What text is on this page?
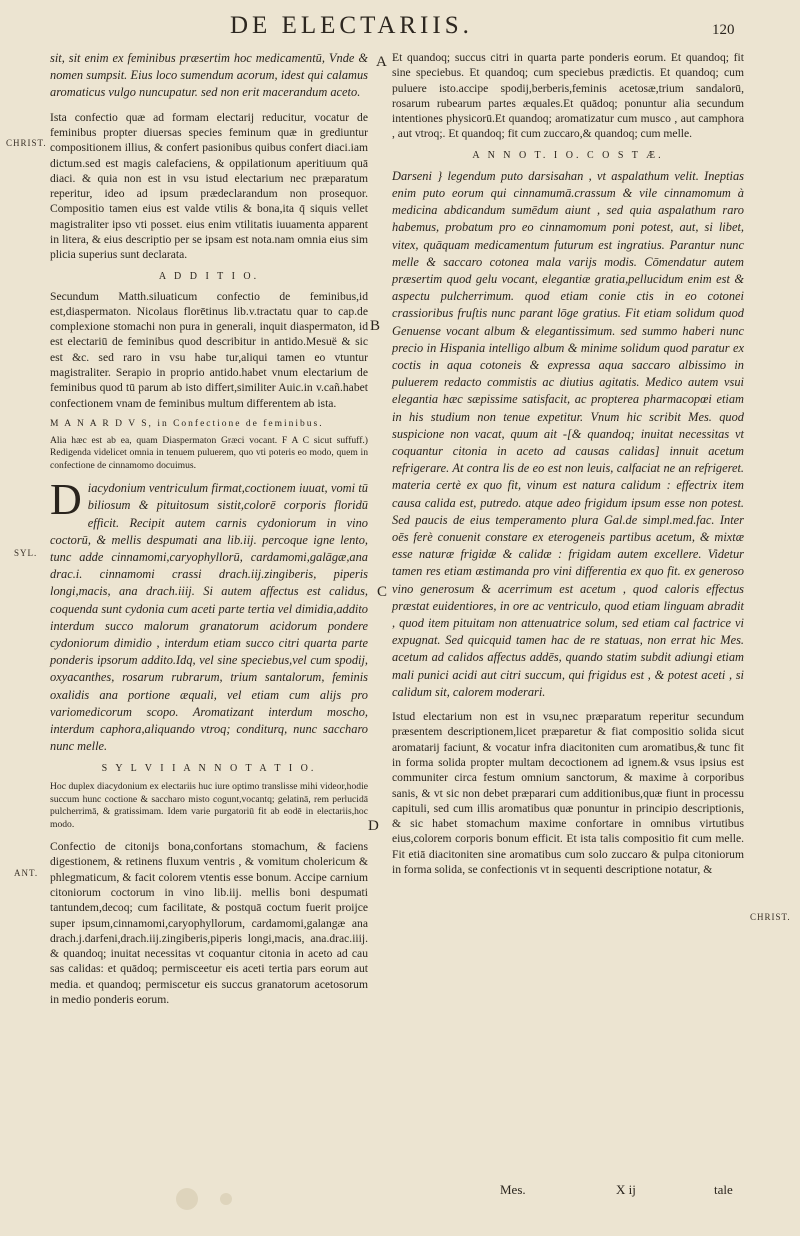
DE ELECTARIIS.	120
A
B
C
D
CHRIST.
SYL.
ANT.
CHRIST.

sit, sit enim ex feminibus præsertim hoc medicamentū, Vnde & nomen sumpsit. Eius loco sumendum acorum, idest qui calamus aromaticus vulgo nuncupatur. sed non erit macerandum aceto.

Ista confectio quæ ad formam electarij reducitur, vocatur de feminibus propter diuersas species feminum quæ in grediuntur compositionem illius, & confert pasionibus quibus confert diaci.iam dictum.sed est magis calefaciens, & oppilationum aperitiuum quā diaci. & quia non est in vsu istud electarium nec præparatum reperitur, ideo ad ipsum prædeclarandum non prosequor. Compositio tamen eius est valde vtilis & bona,ita q̄ siquis vellet magistraliter ipso vti posset. eius enim vtilitatis iuuamenta apparent in litera, & eius descriptio per se ipsam est nota.nam omnia eius sim plicia superius sunt declarata.

A D D I T I O.

Secundum Matth.siluaticum confectio de feminibus,id est,diaspermaton. Nicolaus florētinus lib.v.tractatu quar to cap.de complexione stomachi non pura in generali, inquit diaspermaton, id est electariū de feminibus quod describitur in antido.Mesuë & sic est &c. sed raro in vsu habe tur,aliqui tamen eo vtuntur magistraliter. Serapio in proprio antido.habet vnum electarium de feminibus quod tū parum ab isto differt,similiter Auic.in v.cañ.habet confectionem vnam de feminibus multum differentem ab ista.

M A N A R D V S, in Confectione de feminibus.

Alia hæc est ab ea, quam Diaspermaton Græci vocant. F A C sicut suffuff.) Redigenda videlicet omnia in tenuem puluerem, quo vti poteris eo modo, quem in confectione de cinnamomo docuimus.

D iacydonium ventriculum firmat,coctionem iuuat, vomi tū biliosum & pituitosum sistit,colorē corporis floridū efficit. Recipit autem carnis cydoniorum in vino coctorū, & mellis despumati ana lib.iij. percoque igne lento, tunc adde cinnamomi,caryophyllorū, cardamomi,galāgæ,ana drac.i. cinnamomi crassi drach.iij.zingiberis, piperis longi,macis, ana drach.iiij. Si autem affectus est calidus, coquenda sunt cydonia cum aceti parte tertia vel dimidia,addito interdum succo malorum granatorum acidorum pondere cydoniorum dimidio , interdum etiam succo citri quarta parte ponderis ipsorum addito.Idq, vel sine speciebus,vel cum spodij, oxyacanthes, rosarum rubrarum, trium santalorum, feminis oxalidis ana portione æquali, vel etiam cum alijs pro variomedicorum scopo. Aromatizant interdum moscho, interdum caphora,aliquando vtroq; conditurq, nunc saccharo nunc melle.

S Y L V I I A N N O T A T I O.

Hoc duplex diacydonium ex electariis huc iure optimo translisse mihi videor,hodie succum hunc coctione & saccharo misto cogunt,vocantq; gelatinā, rem perlucidā pulcherrimā, & gratissimam. Idem varie purgatoriū fit ab eodē in electariis,hoc modo.

Confectio de citonijs bona,confortans stomachum, & faciens digestionem, & retinens fluxum ventris , & vomitum cholericum & phlegmaticum, & facit colorem vtentis esse bonum. Accipe carnium citoniorum coctorum in vino lib.iij. mellis boni despumati tantundem,decoq; cum facilitate, & postquā coctum fuerit proijce super ipsum,cinnamomi,caryophyllorum, cardamomi,galangæ ana drach.j.darfeni,drach.iij.zingiberis,piperis longi,macis, ana.drac.iiij. & quandoq; inuitat necessitas vt coquantur citonia in aceto ad cau sas calidas: et quādoq; permisceetur eis aceti tertia pars eorum aut media. et quandoq; permiscetur eis succus granatorum acetosorum in medio ponderis eorum.

Et quandoq; succus citri in quarta parte ponderis eorum. Et quandoq; fit sine speciebus. Et quandoq; cum speciebus prædictis. Et quandoq; cum puluere isto.accipe spodij,berberis,feminis acetosæ,trium sandalorū, rosarum rubearum partes æquales.Et quādoq; ponuntur alia secundum intentiones physicorū.Et quandoq; aromatizatur cum musco , aut camphora , aut vtroq;. Et quandoq; fit cum zuccaro,& quandoq; cum melle.

A N N O T. I O. C O S T Æ.

Darseni } legendum puto darsisahan , vt aspalathum velit. Ineptias enim puto eorum qui cinnamumā.crassum & vile cinnamomum à medicina abdicandum sumēdum aiunt , sed quia aspalathum raro habemus, probatum pro eo cinnamomum poni potest, aut, si libet, vitex, quāquam medicamentum futurum est ingratius. Parantur nunc melle & saccaro cotonea mala varijs modis. Cōmendatur autem præsertim quod gelu vocant, elegantiæ gratia,pellucidum enim est & aspectu pulcherrimum. quod etiam conie ctis in eo cotonei crassioribus fruſtis nunc parant lōge gratius. Fit etiam solidum quod Genuense vocant album & elegantissimum. sed summo haberi nunc precio in Hispania intelligo album & minime solidum quod paratur ex coctis in aqua cotoneis & expressa aqua saccaro albissimo in puluerem redacto commistis ac diutius agitatis. Medico autem vsui elegantia hæc sæpissime satisfacit, ac propterea pharmacopœi etiam in his studium non tenue expetitur. Vnum hic scribit Mes. quod suspicione non vacat, quum ait -[& quandoq; inuitat necessitas vt coquantur citonia in aceto ad causas calidas] innuit acetum refrigerare. At contra lis de eo est non leuis, calfaciat ne an refrigeret. materia certè ex quo fit, vinum est natura calidum : effectrix item causa calida est, putredo. atque adeo frigidum ipsum esse non potest. Sed paucis de eius temperamento plura Gal.de simpl.med.fac. Inter oēs ferè conuenit constare ex eterogeneis partibus acetum, & mixtæ esse naturæ frigidæ & calidæ : frigidam autem excellere. Videtur tamen res etiam æstimanda pro vini differentia ex quo fit. ex generoso vino generosum & acerrimum est acetum , quod caloris effectus præstat euidentiores, in ore ac ventriculo, quod etiam linguam abradit , quod item pituitam non attenuatrice solum, sed etiam cal factrice vi expugnat. Sed quicquid tamen hac de re statuas, non errat hic Mes. acetum ad calidos affectus addēs, quando statim subdit adiungi etiam mali punici acidi aut citri succum, qui frigidus est , & potest aceti , si calidum sit, calorem moderari.

Istud electarium non est in vsu,nec præparatum reperitur secundum præsentem descriptionem,licet præparetur & fiat compositio solida sicut aromatarij faciunt, & vocatur infra diacitoniten cum aromatibus,& tunc fit in forma solida propter multam decoctionem ad ignem.& vsus ipsius est communiter circa festum omnium sanctorum, & maxime à corporibus sanis, & vt sic non debet præparari cum additionibus,quæ fiunt in processu capituli, sed cum illis aromatibus quæ ponuntur in principio descriptionis, & sic habet stomachum maxime confortare in omnibus virtutibus eius,colorem corporis bonum efficit. Et ista talis compositio fit cum melle. Fit etiā diacitoniten sine aromatibus cum solo zuccaro & pulpa citoniorum in forma solida, se confectionis vt in sequenti descriptione notatur, &

Mes.	X ij	tale
